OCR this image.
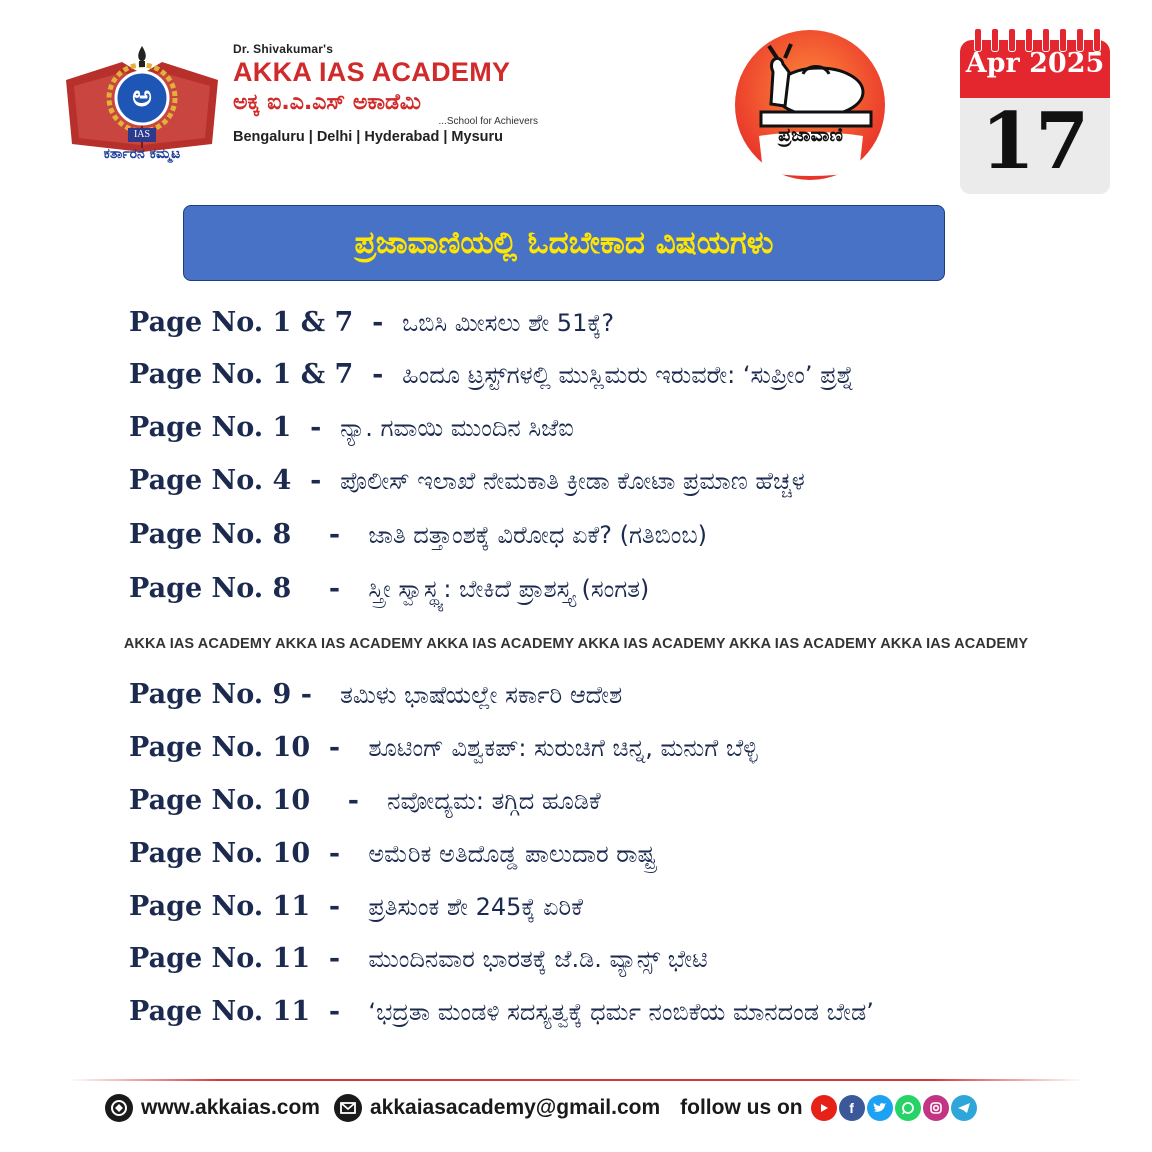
ಅ
IAS
ಕರ್ತಾರನ ಕಮ್ಮಟ
Dr. Shivakumar's
AKKA IAS ACADEMY
ಅಕ್ಕ ಐ.ಎ.ಎಸ್ ಅಕಾಡೆಮಿ
...School for Achievers
Bengaluru | Delhi | Hyderabad | Mysuru	ಪ್ರಜಾವಾಣಿ
Apr 2025
17
ಪ್ರಜಾವಾಣಿಯಲ್ಲಿ ಓದಬೇಕಾದ ವಿಷಯಗಳು
Page No. 1 & 7  - ಒಬಿಸಿ ಮೀಸಲು ಶೇ 51ಕ್ಕೆ?
Page No. 1 & 7  - ಹಿಂದೂ ಟ್ರಸ್ಟ್‌ಗಳಲ್ಲಿ ಮುಸ್ಲಿಮರು ಇರುವರೇ: ‘ಸುಪ್ರೀಂ’ ಪ್ರಶ್ನೆ
Page No. 1  - ನ್ಯಾ. ಗವಾಯಿ ಮುಂದಿನ ಸಿಜೆಐ
Page No. 4  - ಪೊಲೀಸ್ ಇಲಾಖೆ ನೇಮಕಾತಿ ಕ್ರೀಡಾ ಕೋಟಾ ಪ್ರಮಾಣ ಹೆಚ್ಚಳ
Page No. 8    - ಜಾತಿ ದತ್ತಾಂಶಕ್ಕೆ ವಿರೋಧ ಏಕೆ? (ಗತಿಬಿಂಬ)
Page No. 8    - ಸ್ತ್ರೀ ಸ್ವಾಸ್ಥ್ಯ: ಬೇಕಿದೆ ಪ್ರಾಶಸ್ತ್ಯ (ಸಂಗತ)
AKKA IAS ACADEMY AKKA IAS ACADEMY AKKA IAS ACADEMY AKKA IAS ACADEMY AKKA IAS ACADEMY AKKA IAS ACADEMY
Page No. 9 - ತಮಿಳು ಭಾಷೆಯಲ್ಲೇ ಸರ್ಕಾರಿ ಆದೇಶ
Page No. 10  - ಶೂಟಿಂಗ್ ವಿಶ್ವಕಪ್: ಸುರುಚಿಗೆ ಚಿನ್ನ, ಮನುಗೆ ಬೆಳ್ಳಿ
Page No. 10    - ನವೋದ್ಯಮ: ತಗ್ಗಿದ ಹೂಡಿಕೆ
Page No. 10  - ಅಮೆರಿಕ ಅತಿದೊಡ್ಡ ಪಾಲುದಾರ ರಾಷ್ಟ್ರ
Page No. 11  - ಪ್ರತಿಸುಂಕ ಶೇ 245ಕ್ಕೆ ಏರಿಕೆ
Page No. 11  - ಮುಂದಿನವಾರ ಭಾರತಕ್ಕೆ ಜೆ.ಡಿ. ವ್ಯಾನ್ಸ್ ಭೇಟಿ
Page No. 11  - ‘ಭದ್ರತಾ ಮಂಡಳಿ ಸದಸ್ಯತ್ವಕ್ಕೆ ಧರ್ಮ ನಂಬಿಕೆಯ ಮಾನದಂಡ ಬೇಡ’
www.akkaias.com akkaiasacademy@gmail.com follow us on	f
